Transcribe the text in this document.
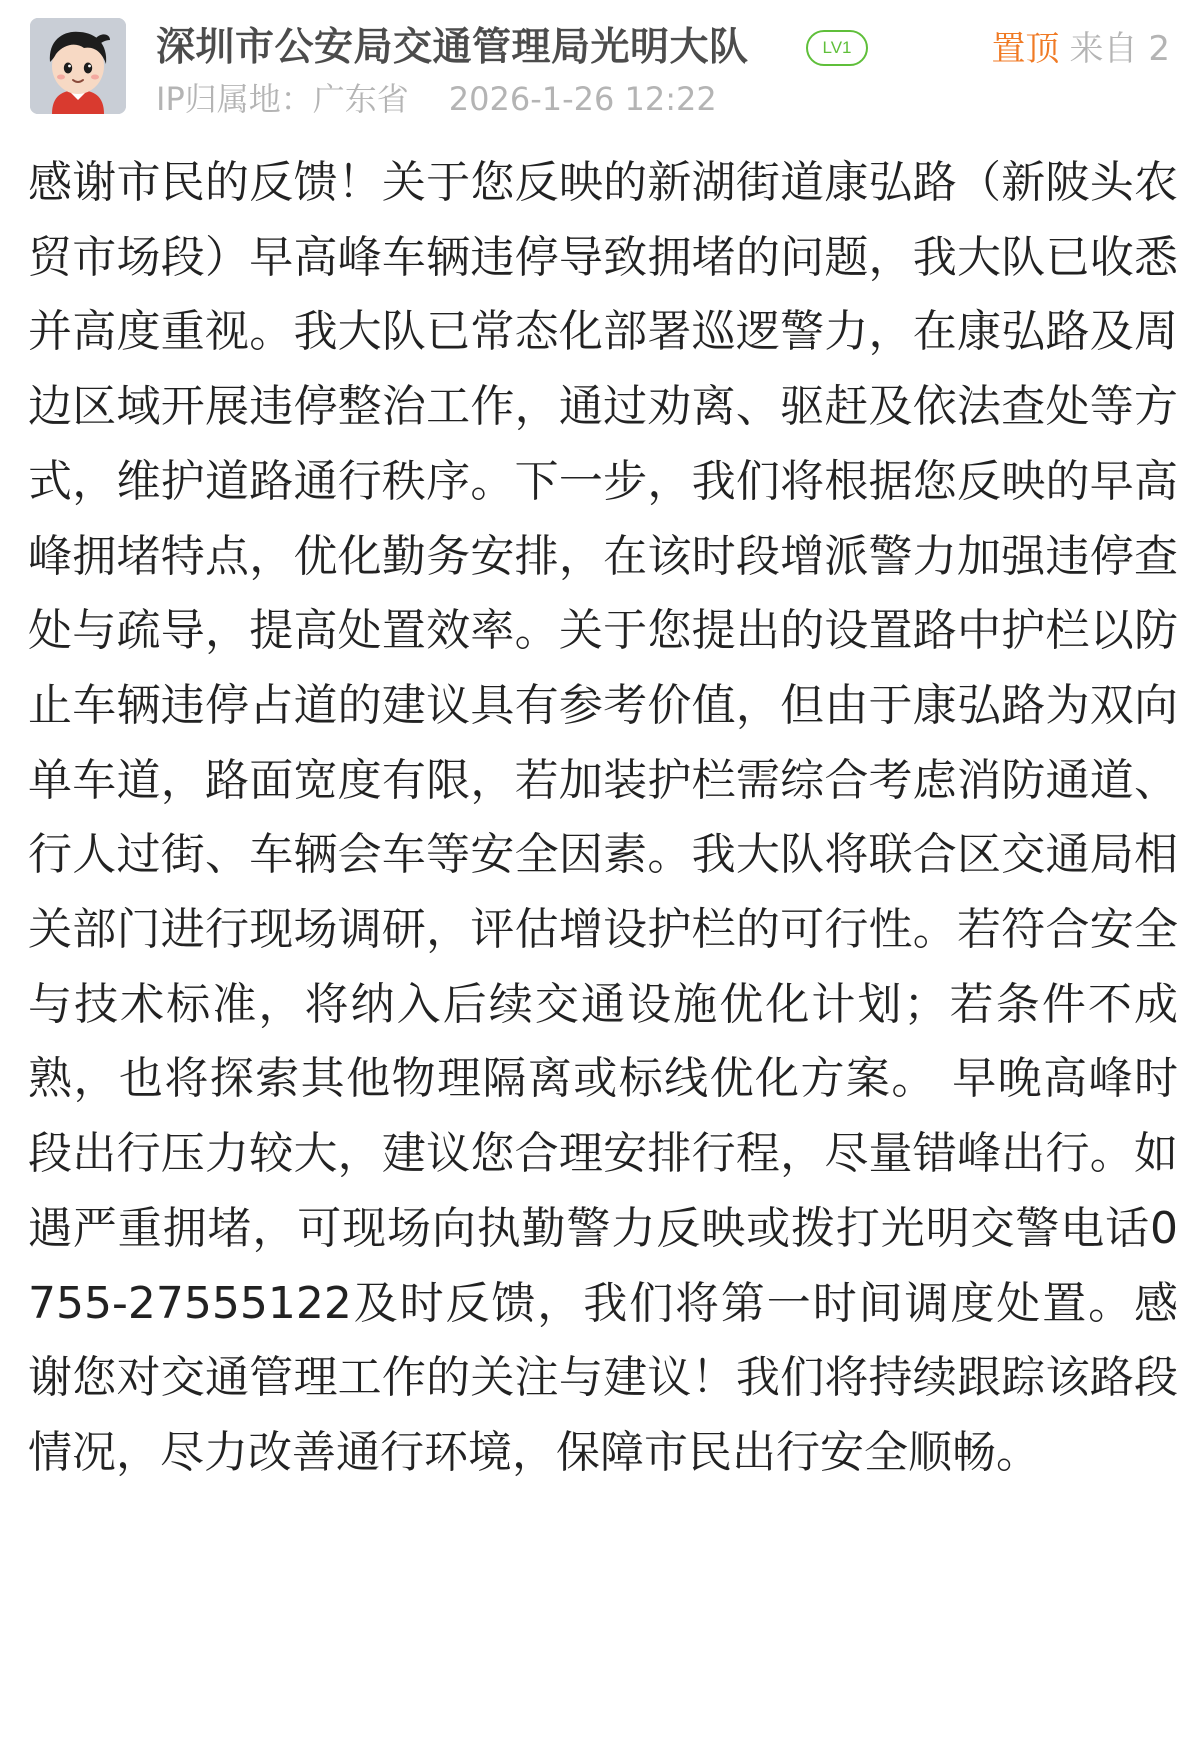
深圳市公安局交通管理局光明大队	LV1
IP归属地：广东省 2026-1-26 12:22
置顶 来自 2
感谢市民的反馈！关于您反映的新湖街道康弘路（新陂头农贸市场段）早高峰车辆违停导致拥堵的问题，我大队已收悉并高度重视。我大队已常态化部署巡逻警力，在康弘路及周边区域开展违停整治工作，通过劝离、驱赶及依法查处等方式，维护道路通行秩序。下一步，我们将根据您反映的早高峰拥堵特点，优化勤务安排，在该时段增派警力加强违停查处与疏导，提高处置效率。关于您提出的设置路中护栏以防止车辆违停占道的建议具有参考价值，但由于康弘路为双向单车道，路面宽度有限，若加装护栏需综合考虑消防通道、行人过街、车辆会车等安全因素。我大队将联合区交通局相关部门进行现场调研，评估增设护栏的可行性。若符合安全与技术标准，将纳入后续交通设施优化计划；若条件不成熟，也将探索其他物理隔离或标线优化方案。 早晚高峰时段出行压力较大，建议您合理安排行程，尽量错峰出行。如遇严重拥堵，可现场向执勤警力反映或拨打光明交警电话0755-27555122及时反馈，我们将第一时间调度处置。感谢您对交通管理工作的关注与建议！我们将持续跟踪该路段情况，尽力改善通行环境，保障市民出行安全顺畅。
